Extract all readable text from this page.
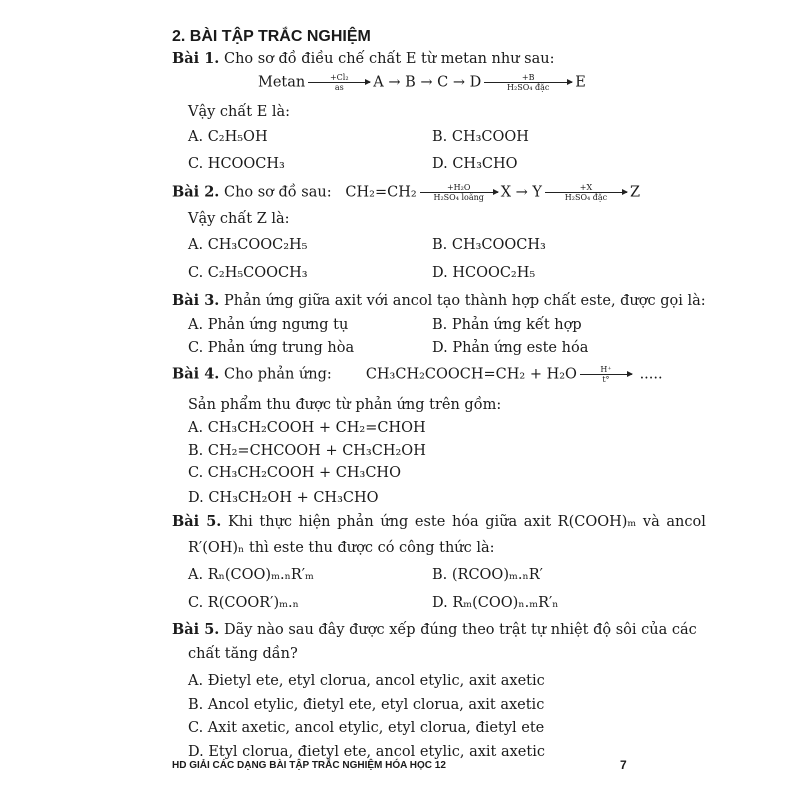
2. BÀI TẬP TRẮC NGHIỆM
Bài 1. Cho sơ đồ điều chế chất E từ metan như sau:
Metan $\frac{\text{+Cl₂}}{as}$ A → B → C → D	+B
H₂SO₄ đặc	E
Vậy chất E là:
A. C₂H₅OH	B. CH₃COOH
C. HCOOCH₃	D. CH₃CHO
Bài 2. Cho sơ đồ sau: CH₂=CH₂	+H₂O
H₂SO₄ loãng	X → Y	+X
H₂SO₄ đặc	Z
Vậy chất Z là:
A. CH₃COOC₂H₅	B. CH₃COOCH₃
C. C₂H₅COOCH₃	D. HCOOC₂H₅
Bài 3. Phản ứng giữa axit với ancol tạo thành hợp chất este, được gọi là:
A. Phản ứng ngưng tụ	B. Phản ứng kết hợp
C. Phản ứng trung hòa	D. Phản ứng este hóa
Bài 4. Cho phản ứng: CH₃CH₂COOCH=CH₂ + $H_2O \frac{H^+}{t^\circ}$ .....
Sản phẩm thu được từ phản ứng trên gồm:
A. CH₃CH₂COOH + CH₂=CHOH
B. CH₂=CHCOOH + CH₃CH₂OH
C. CH₃CH₂COOH + CH₃CHO
D. CH₃CH₂OH + CH₃CHO
Bài 5. Khi thực hiện phản ứng este hóa giữa axit R(COOH)ₘ và ancol
R′(OH)ₙ thì este thu được có công thức là:
A. Rₙ(COO)ₘ.ₙR′ₘ	B. (RCOO)ₘ.ₙR′
C. R(COOR′)ₘ.ₙ	D. Rₘ(COO)ₙ.ₘR′ₙ
Bài 5. Dãy nào sau đây được xếp đúng theo trật tự nhiệt độ sôi của các
chất tăng dần?
A. Đietyl ete, etyl clorua, ancol etylic, axit axetic
B. Ancol etylic, đietyl ete, etyl clorua, axit axetic
C. Axit axetic, ancol etylic, etyl clorua, đietyl ete
D. Etyl clorua, đietyl ete, ancol etylic, axit axetic
HD GIẢI CÁC DẠNG BÀI TẬP TRẮC NGHIỆM HÓA HỌC 12	7
